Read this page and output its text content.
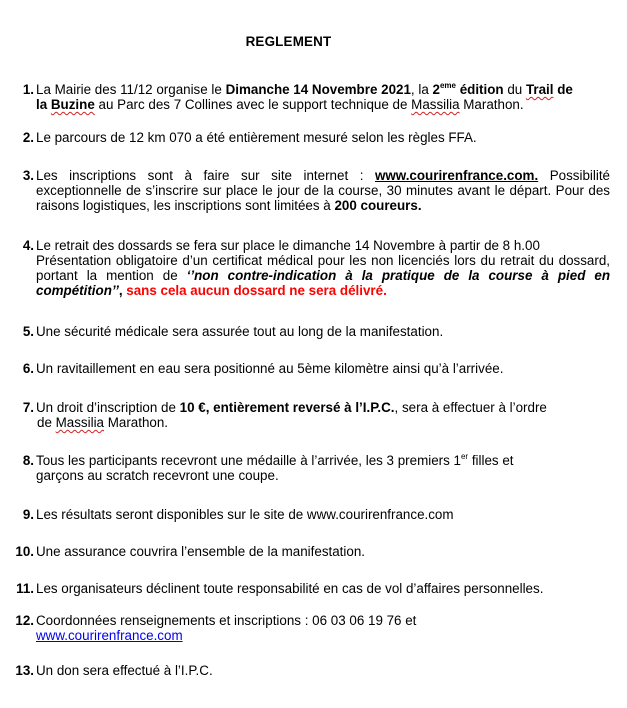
REGLEMENT
1. La Mairie des 11/12 organise le Dimanche 14 Novembre 2021, la 2eme édition du Trail de
la Buzine au Parc des 7 Collines avec le support technique de Massilia Marathon.
2. Le parcours de 12 km 070 a été entièrement mesuré selon les règles FFA.
3. Les inscriptions sont à faire sur site internet : www.courirenfrance.com. Possibilité exceptionnelle de s’inscrire sur place le jour de la course, 30 minutes avant le départ. Pour des raisons logistiques, les inscriptions sont limitées à 200 coureurs.
4. Le retrait des dossards se fera sur place le dimanche 14 Novembre à partir de 8 h.00
Présentation obligatoire d’un certificat médical pour les non licenciés lors du retrait du dossard, portant la mention de ‘’non contre-indication à la pratique de la course à pied en compétition’’, sans cela aucun dossard ne sera délivré.
5. Une sécurité médicale sera assurée tout au long de la manifestation.
6. Un ravitaillement en eau sera positionné au 5ème kilomètre ainsi qu’à l’arrivée.
7. Un droit d’inscription de 10 €, entièrement reversé à l’I.P.C., sera à effectuer à l’ordre
de Massilia Marathon.
8. Tous les participants recevront une médaille à l’arrivée, les 3 premiers 1er filles et
garçons au scratch recevront une coupe.
9. Les résultats seront disponibles sur le site de www.courirenfrance.com
10. Une assurance couvrira l’ensemble de la manifestation.
11. Les organisateurs déclinent toute responsabilité en cas de vol d’affaires personnelles.
12. Coordonnées renseignements et inscriptions : 06 03 06 19 76 et
www.courirenfrance.com
13. Un don sera effectué à l’I.P.C.
